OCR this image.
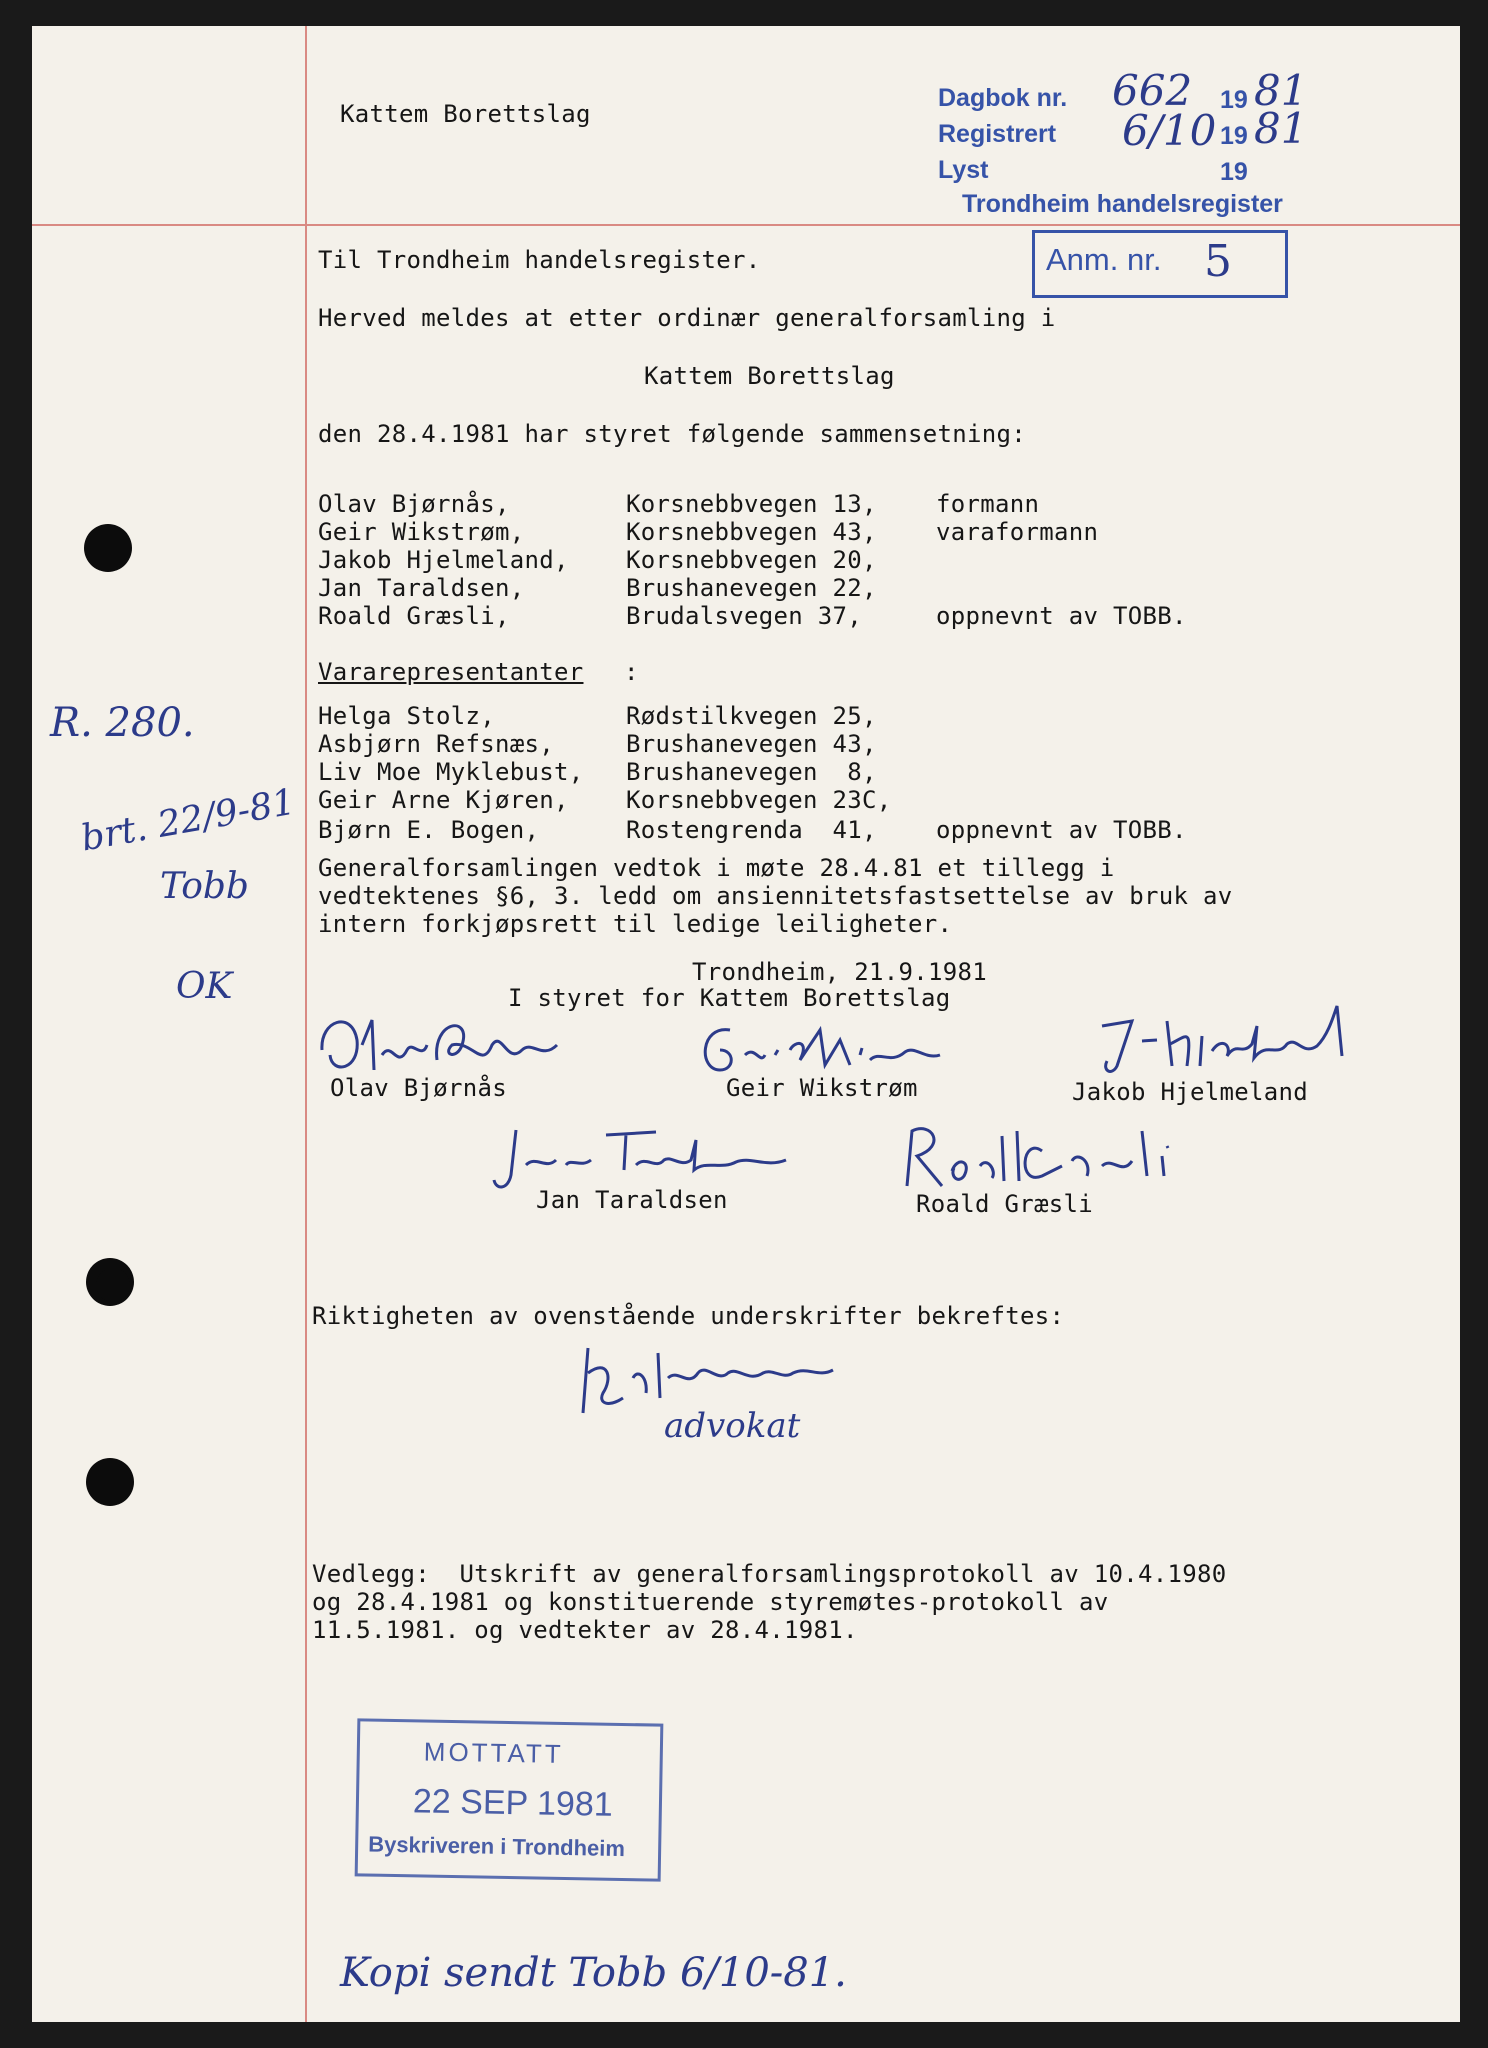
Kattem Borettslag
Dagbok nr. 662 19 81
Registrert 6/10 19 81
Lyst	19
Trondheim handelsregister
Anm. nr. 5
Til Trondheim handelsregister.
Herved meldes at etter ordinær generalforsamling i
Kattem Borettslag
den 28.4.1981 har styret følgende sammensetning:
Olav Bjørnås,	Korsnebbvegen 13, formann
Geir Wikstrøm,	Korsnebbvegen 43, varaformann
Jakob Hjelmeland, Korsnebbvegen 20,
Jan Taraldsen,	Brushanevegen 22,
Roald Græsli,	Brudalsvegen 37,	oppnevnt av TOBB.
Vararepresentanter :
Helga Stolz,	Rødstilkvegen 25,
Asbjørn Refsnæs,	Brushanevegen 43,
Liv Moe Myklebust, Brushanevegen  8,
Geir Arne Kjøren, Korsnebbvegen 23C,
Bjørn E. Bogen,	Rostengrenda  41, oppnevnt av TOBB.
Generalforsamlingen vedtok i møte 28.4.81 et tillegg i
vedtektenes §6, 3. ledd om ansiennitetsfastsettelse av bruk av
intern forkjøpsrett til ledige leiligheter.
Trondheim, 21.9.1981
I styret for Kattem Borettslag
Olav Bjørnås	Geir Wikstrøm	Jakob Hjelmeland
Jan Taraldsen	Roald Græsli
Riktigheten av ovenstående underskrifter bekreftes:
advokat
Vedlegg:  Utskrift av generalforsamlingsprotokoll av 10.4.1980
og 28.4.1981 og konstituerende styremøtes-protokoll av
11.5.1981. og vedtekter av 28.4.1981.
MOTTATT
22 SEP 1981
Byskriveren i Trondheim
R. 280.
brt. 22/9-81
Tobb
OK
Kopi sendt Tobb 6/10-81.
